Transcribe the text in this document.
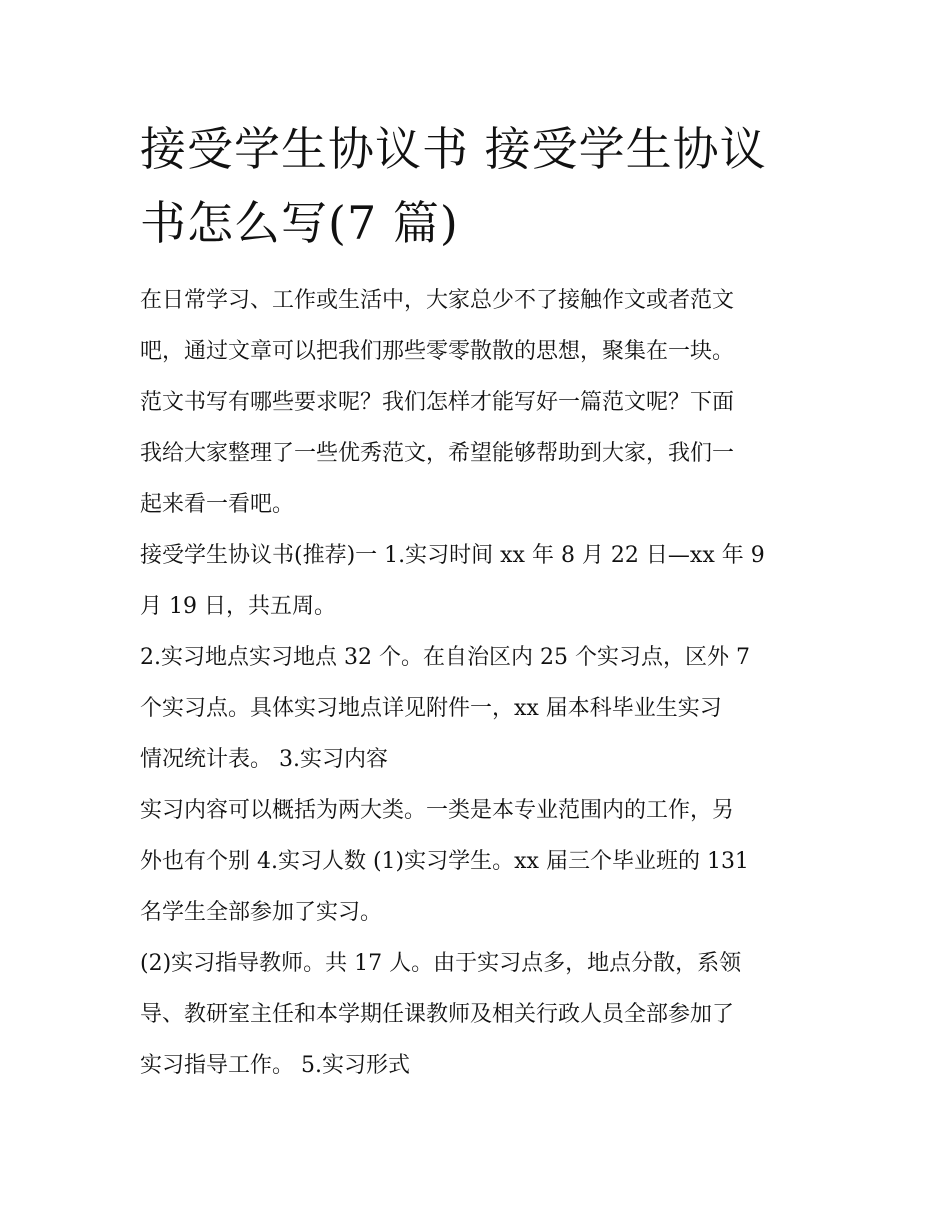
接受学生协议书 接受学生协议
书怎么写(7 篇)
在日常学习、工作或生活中，大家总少不了接触作文或者范文
吧，通过文章可以把我们那些零零散散的思想，聚集在一块。
范文书写有哪些要求呢？我们怎样才能写好一篇范文呢？下面
我给大家整理了一些优秀范文，希望能够帮助到大家，我们一
起来看一看吧。
接受学生协议书(推荐)一 1.实习时间 xx 年 8 月 22 日—xx 年 9
月 19 日，共五周。
2.实习地点实习地点 32 个。在自治区内 25 个实习点，区外 7
个实习点。具体实习地点详见附件一，xx 届本科毕业生实习
情况统计表。 3.实习内容
实习内容可以概括为两大类。一类是本专业范围内的工作，另
外也有个别 4.实习人数 (1)实习学生。xx 届三个毕业班的 131
名学生全部参加了实习。
(2)实习指导教师。共 17 人。由于实习点多，地点分散，系领
导、教研室主任和本学期任课教师及相关行政人员全部参加了
实习指导工作。 5.实习形式
